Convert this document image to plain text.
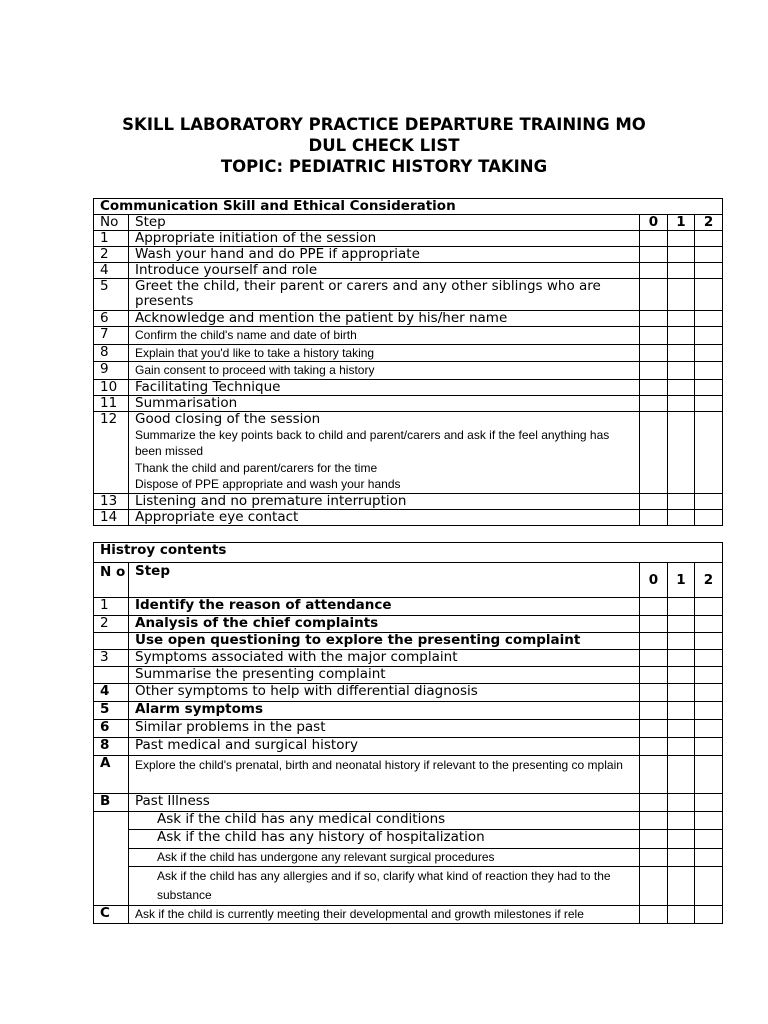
SKILL LABORATORY PRACTICE DEPARTURE TRAINING MO
DUL CHECK LIST
TOPIC: PEDIATRIC HISTORY TAKING
Communication Skill and Ethical Consideration				
No	Step	0	1	2
1	Appropriate initiation of the session			
2	Wash your hand and do PPE if appropriate			
4	Introduce yourself and role			
5	Greet the child, their parent or carers and any other siblings who are presents			
6	Acknowledge and mention the patient by his/her name			
7	Confirm the child's name and date of birth			

8	Explain that you'd like to take a history taking			

9	Gain consent to proceed with taking a history			

10	Facilitating Technique			
11	Summarisation			
12	Good closing of the session
Summarize the key points back to child and parent/carers and ask if the feel anything has been missed
Thank the child and parent/carers for the time
Dispose of PPE appropriate and wash your hands			

13	Listening and no premature interruption			
14	Appropriate eye contact			
Histroy contents				
N o	Step	0	1	2
1	Identify the reason of attendance			
2	Analysis of the chief complaints			
	Use open questioning to explore the presenting complaint			
3	Symptoms associated with the major complaint			
	Summarise the presenting complaint			
4	Other symptoms to help with differential diagnosis			
5	Alarm symptoms			
6	Similar problems in the past			
8	Past medical and surgical history			
A	Explore the child's prenatal, birth and neonatal history if relevant to the presenting co mplain			

B	Past Illness			
	Ask if the child has any medical conditions			
	Ask if the child has any history of hospitalization			

	Ask if the child has undergone any relevant surgical procedures			

	Ask if the child has any allergies and if so, clarify what kind of reaction they had to the substance			

C	Ask if the child is currently meeting their developmental and growth milestones if rele			
